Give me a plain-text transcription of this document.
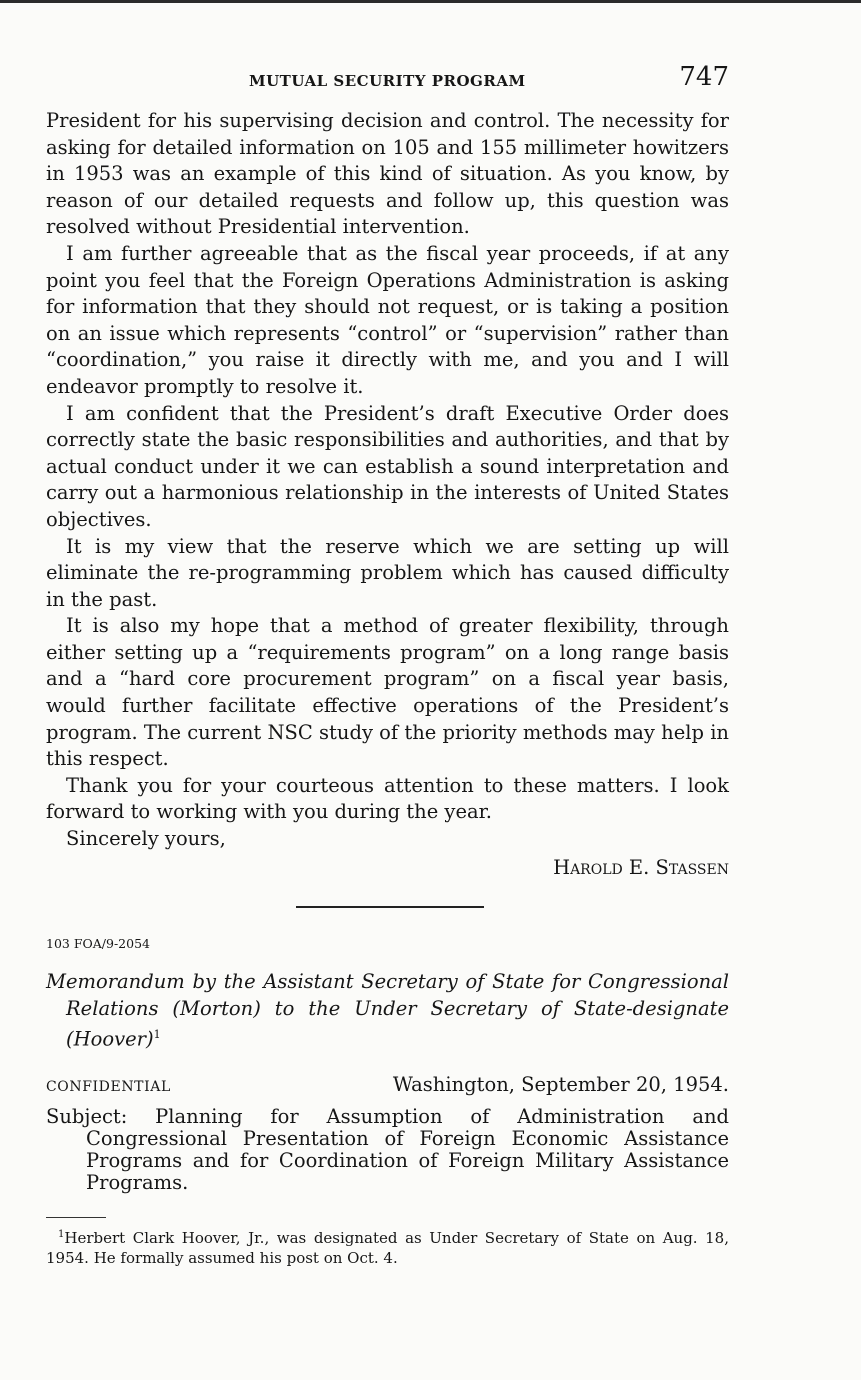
MUTUAL SECURITY PROGRAM	747

President for his supervising decision and control. The necessity for asking for detailed information on 105 and 155 millimeter howitzers in 1953 was an example of this kind of situation. As you know, by reason of our detailed requests and follow up, this question was resolved without Presidential intervention.

I am further agreeable that as the fiscal year proceeds, if at any point you feel that the Foreign Operations Administration is asking for information that they should not request, or is taking a position on an issue which represents “control” or “supervision” rather than “coordination,” you raise it directly with me, and you and I will endeavor promptly to resolve it.

I am confident that the President’s draft Executive Order does correctly state the basic responsibilities and authorities, and that by actual conduct under it we can establish a sound interpretation and carry out a harmonious relationship in the interests of United States objectives.

It is my view that the reserve which we are setting up will eliminate the re-programming problem which has caused difficulty in the past.

It is also my hope that a method of greater flexibility, through either setting up a “requirements program” on a long range basis and a “hard core procurement program” on a fiscal year basis, would further facilitate effective operations of the President’s program. The current NSC study of the priority methods may help in this respect.

Thank you for your courteous attention to these matters. I look forward to working with you during the year.

Sincerely yours,

Harold E. Stassen
103 FOA/9-2054
Memorandum by the Assistant Secretary of State for Congressional Relations (Morton) to the Under Secretary of State-designate (Hoover)$^1$
CONFIDENTIAL	Washington, September 20, 1954.
Subject: Planning for Assumption of Administration and Congressional Presentation of Foreign Economic Assistance Programs and for Coordination of Foreign Military Assistance Programs.
$^1$Herbert Clark Hoover, Jr., was designated as Under Secretary of State on Aug. 18, 1954. He formally assumed his post on Oct. 4.
